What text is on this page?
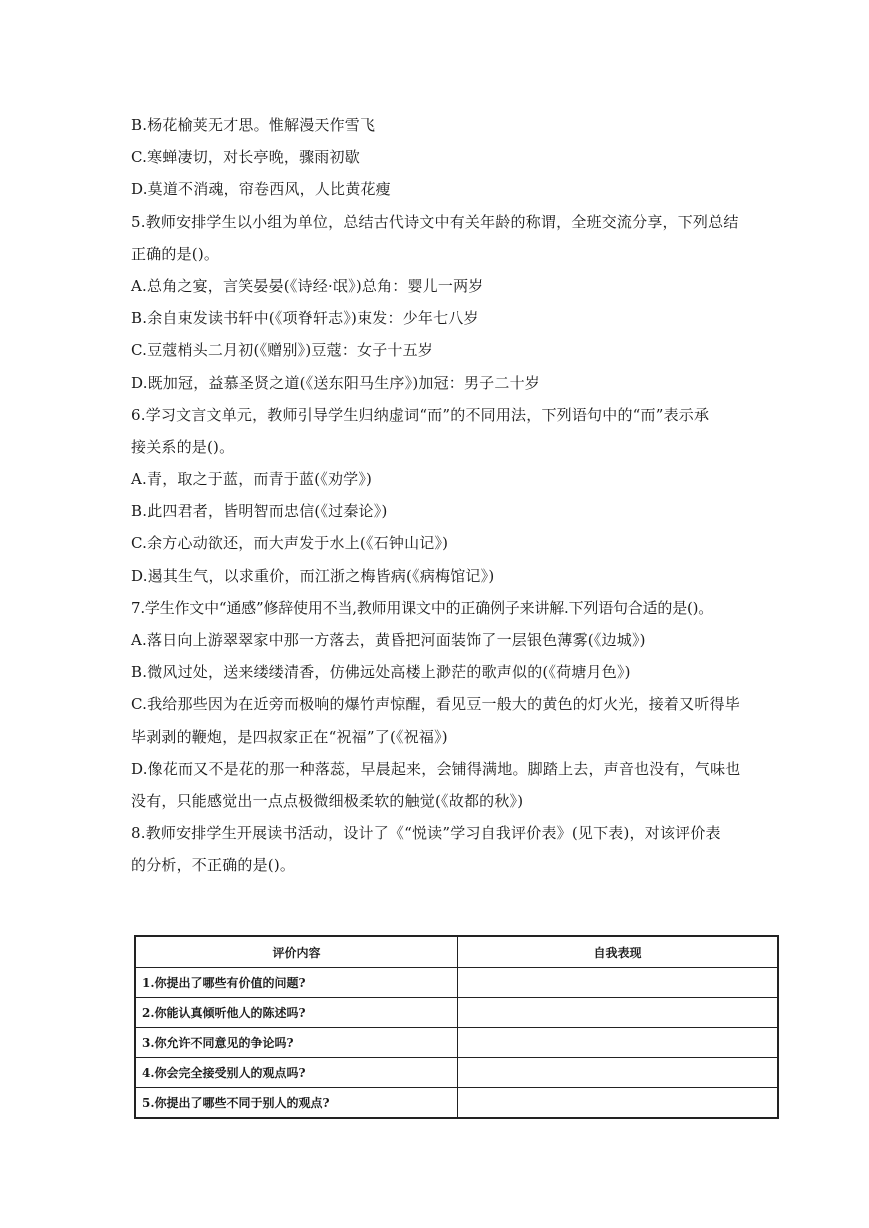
B.杨花榆荚无才思。惟解漫天作雪飞
C.寒蝉凄切，对长亭晚，骤雨初歇
D.莫道不消魂，帘卷西风，人比黄花瘦
5.教师安排学生以小组为单位，总结古代诗文中有关年龄的称谓，全班交流分享，下列总结
正确的是()。
A.总角之宴，言笑晏晏(《诗经·氓》)总角：婴儿一两岁
B.余自束发读书轩中(《项脊轩志》)束发：少年七八岁
C.豆蔻梢头二月初(《赠别》)豆蔻：女子十五岁
D.既加冠，益慕圣贤之道(《送东阳马生序》)加冠：男子二十岁
6.学习文言文单元，教师引导学生归纳虚词“而”的不同用法，下列语句中的“而”表示承
接关系的是()。
A.青，取之于蓝，而青于蓝(《劝学》)
B.此四君者，皆明智而忠信(《过秦论》)
C.余方心动欲还，而大声发于水上(《石钟山记》)
D.遏其生气，以求重价，而江浙之梅皆病(《病梅馆记》)
7.学生作文中“通感”修辞使用不当,教师用课文中的正确例子来讲解.下列语句合适的是()。
A.落日向上游翠翠家中那一方落去，黄昏把河面装饰了一层银色薄雾(《边城》)
B.微风过处，送来缕缕清香，仿佛远处高楼上渺茫的歌声似的(《荷塘月色》)
C.我给那些因为在近旁而极响的爆竹声惊醒，看见豆一般大的黄色的灯火光，接着又听得毕
毕剥剥的鞭炮，是四叔家正在“祝福”了(《祝福》)
D.像花而又不是花的那一种落蕊，早晨起来，会铺得满地。脚踏上去，声音也没有，气味也
没有，只能感觉出一点点极微细极柔软的触觉(《故都的秋》)
8.教师安排学生开展读书活动，设计了《“悦读”学习自我评价表》(见下表)，对该评价表
的分析，不正确的是()。
评价内容	自我表现
1.你提出了哪些有价值的问题?	
2.你能认真倾听他人的陈述吗?	
3.你允许不同意见的争论吗?	
4.你会完全接受别人的观点吗?	
5.你提出了哪些不同于别人的观点?	
